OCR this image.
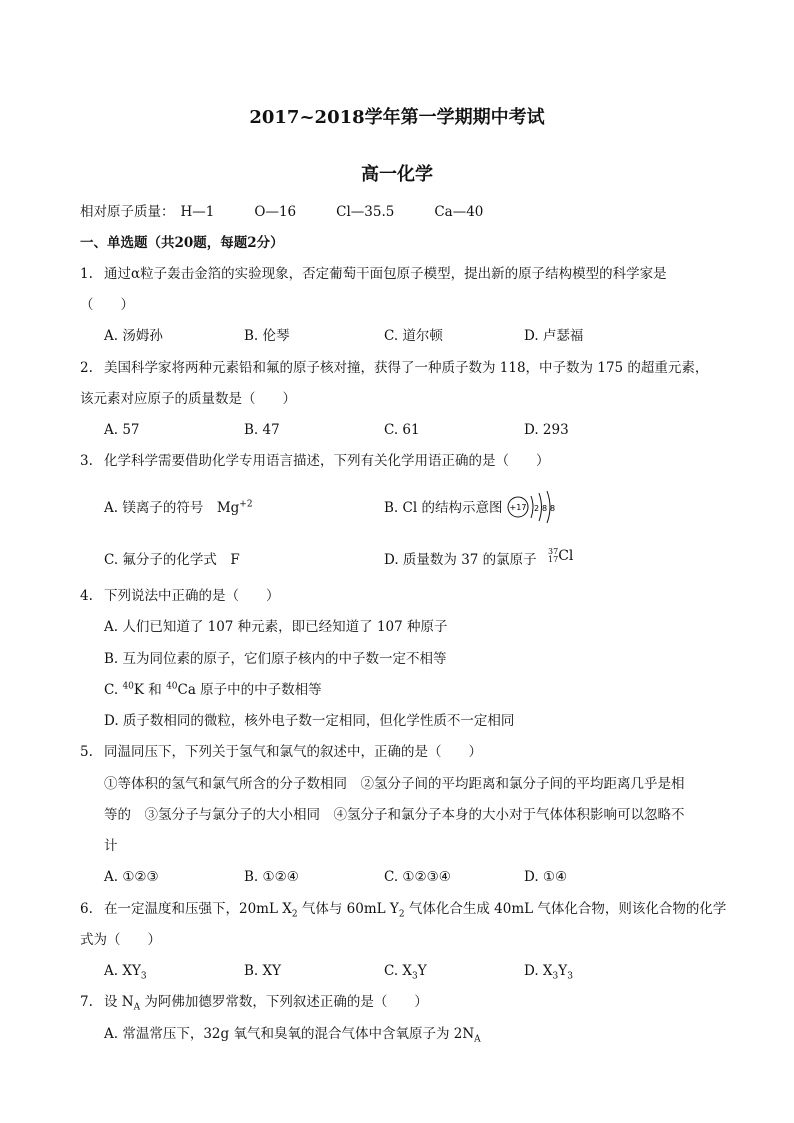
2017~2018学年第一学期期中考试
高一化学
相对原子质量： H—1	O—16	Cl—35.5	Ca—40
一、单选题（共20题，每题2分）
1. 通过α粒子轰击金箔的实验现象，否定葡萄干面包原子模型，提出新的原子结构模型的科学家是
（　　）
A. 汤姆孙	B. 伦琴	C. 道尔顿	D. 卢瑟福
2. 美国科学家将两种元素铅和氟的原子核对撞，获得了一种质子数为 118，中子数为 175 的超重元素，
该元素对应原子的质量数是（　　）
A. 57	B. 47	C. 61	D. 293
3. 化学科学需要借助化学专用语言描述，下列有关化学用语正确的是（　　）
A. 镁离子的符号　$Mg^{+2}$	B. Cl 的结构示意图 +17 2 8 8
C. 氟分子的化学式　F	D. 质量数为 37 的氯原子
37
17 Cl
4. 下列说法中正确的是（　　）
A. 人们已知道了 107 种元素，即已经知道了 107 种原子
B. 互为同位素的原子，它们原子核内的中子数一定不相等
C. $^{40}$K 和 $^{40}$Ca 原子中的中子数相等
D. 质子数相同的微粒，核外电子数一定相同，但化学性质不一定相同
5. 同温同压下，下列关于氢气和氯气的叙述中，正确的是（　　）
①等体积的氢气和氯气所含的分子数相同　②氢分子间的平均距离和氯分子间的平均距离几乎是相
等的　③氢分子与氯分子的大小相同　④氢分子和氯分子本身的大小对于气体体积影响可以忽略不
计
A. ①②③	B. ①②④	C. ①②③④	D. ①④
6. 在一定温度和压强下，20mL $X_2$ 气体与 60mL $Y_2$ 气体化合生成 40mL 气体化合物，则该化合物的化学
式为（　　）
A. $XY_3$	B. XY	C. $X_3Y$	D. $X_3Y_3$
7. 设 $N_A$ 为阿佛加德罗常数，下列叙述正确的是（　　）
A. 常温常压下，32g 氧气和臭氧的混合气体中含氧原子为 $2N_A$
